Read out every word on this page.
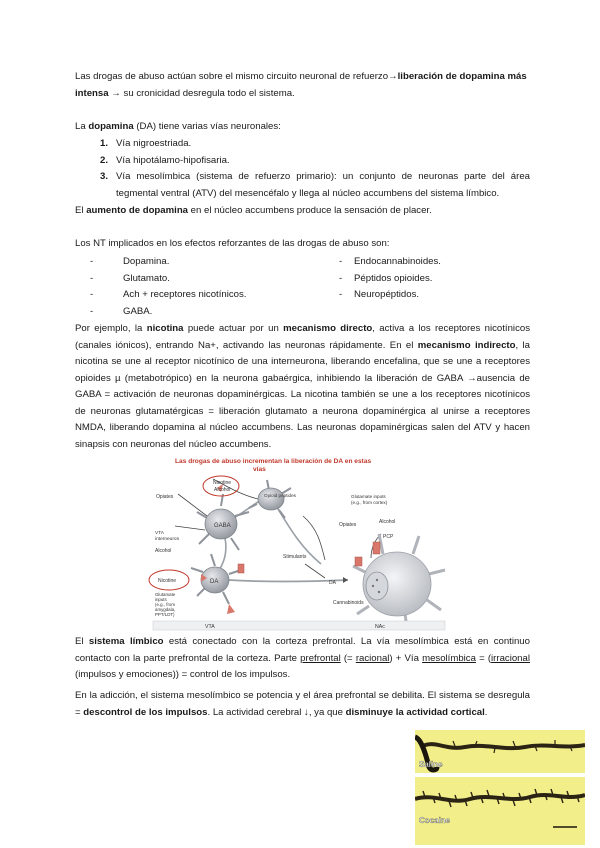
Las drogas de abuso actúan sobre el mismo circuito neuronal de refuerzo→liberación de dopamina más intensa → su cronicidad desregula todo el sistema.

La dopamina (DA) tiene varias vías neuronales:

1. Vía nigroestriada.
2. Vía hipotálamo-hipofisaria.
3. Vía mesolímbica (sistema de refuerzo primario): un conjunto de neuronas parte del área tegmental ventral (ATV) del mesencéfalo y llega al núcleo accumbens del sistema límbico.

El aumento de dopamina en el núcleo accumbens produce la sensación de placer.

Los NT implicados en los efectos reforzantes de las drogas de abuso son:

-	Dopamina.
-	Glutamato.
-	Ach + receptores nicotínicos.
-	GABA.
-	Endocannabinoides.
-	Péptidos opioides.
-	Neuropéptidos.

Por ejemplo, la nicotina puede actuar por un mecanismo directo, activa a los receptores nicotínicos (canales iónicos), entrando Na+, activando las neuronas rápidamente. En el mecanismo indirecto, la nicotina se une al receptor nicotínico de una interneurona, liberando encefalina, que se une a receptores opioides µ (metabotrópico) en la neurona gabaérgica, inhibiendo la liberación de GABA →ausencia de GABA = activación de neuronas dopaminérgicas. La nicotina también se une a los receptores nicotínicos de neuronas glutamatérgicas = liberación glutamato a neurona dopaminérgica al unirse a receptores NMDA, liberando dopamina al núcleo accumbens. Las neuronas dopaminérgicas salen del ATV y hacen sinapsis con neuronas del núcleo accumbens.

Las drogas de abuso incrementan la liberación de DA en estas
vías
GABA
Opioid peptides
DA
Nicotine
Alcohol
Opiates
VTA
interneuron
Alcohol
Nicotine
Glutamate
inputs
(e.g., from
amygdala,
PPT/LDT)
Stimulants
DA
Glutamate inputs
(e.g., from cortex)
Opiates	Alcohol
PCP
Cannabinoids
VTA	NAc

El sistema límbico está conectado con la corteza prefrontal. La vía mesolímbica está en continuo contacto con la parte prefrontal de la corteza. Parte prefrontal (= racional) + Vía mesolímbica = (irracional (impulsos y emociones)) = control de los impulsos.

En la adicción, el sistema mesolímbico se potencia y el área prefrontal se debilita. El sistema se desregula = descontrol de los impulsos. La actividad cerebral ↓, ya que disminuye la actividad cortical.

Saline
Cocaine
